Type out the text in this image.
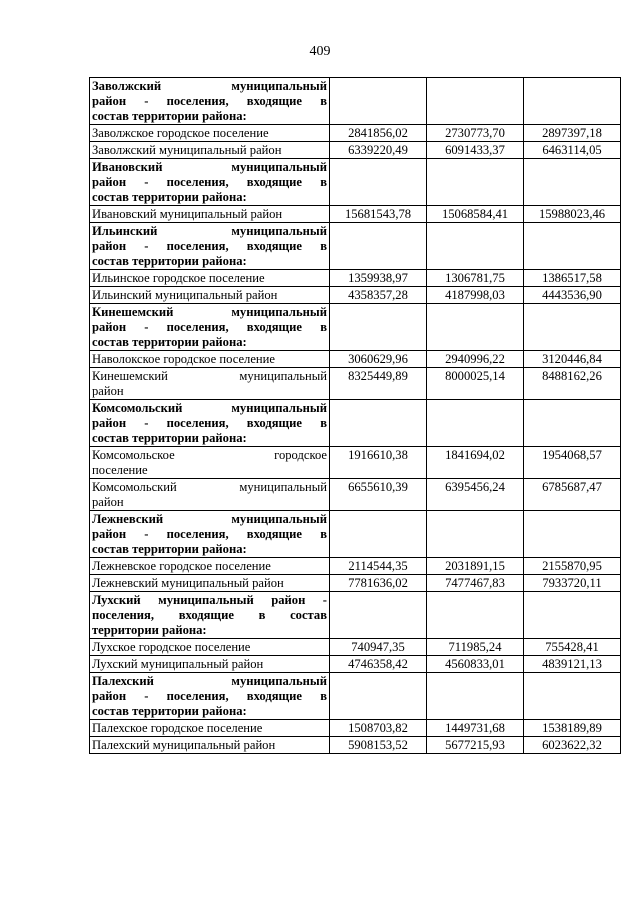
409
Заволжский муниципальный
район - поселения, входящие в
состав территории района:			

Заволжское городское поселение	2841856,02	2730773,70	2897397,18

Заволжский муниципальный район	6339220,49	6091433,37	6463114,05

Ивановский муниципальный
район - поселения, входящие в
состав территории района:			

Ивановский муниципальный район	15681543,78	15068584,41	15988023,46

Ильинский муниципальный
район - поселения, входящие в
состав территории района:			

Ильинское городское поселение	1359938,97	1306781,75	1386517,58

Ильинский муниципальный район	4358357,28	4187998,03	4443536,90

Кинешемский муниципальный
район - поселения, входящие в
состав территории района:			

Наволокское городское поселение	3060629,96	2940996,22	3120446,84

Кинешемский муниципальный
район	8325449,89	8000025,14	8488162,26

Комсомольский муниципальный
район - поселения, входящие в
состав территории района:			

Комсомольское городское
поселение	1916610,38	1841694,02	1954068,57

Комсомольский муниципальный
район	6655610,39	6395456,24	6785687,47

Лежневский муниципальный
район - поселения, входящие в
состав территории района:			

Лежневское городское поселение	2114544,35	2031891,15	2155870,95

Лежневский муниципальный район	7781636,02	7477467,83	7933720,11

Лухский муниципальный район -
поселения, входящие в состав
территории района:			

Лухское городское поселение	740947,35	711985,24	755428,41

Лухский муниципальный район	4746358,42	4560833,01	4839121,13

Палехский муниципальный
район - поселения, входящие в
состав территории района:			

Палехское городское поселение	1508703,82	1449731,68	1538189,89

Палехский муниципальный район	5908153,52	5677215,93	6023622,32
